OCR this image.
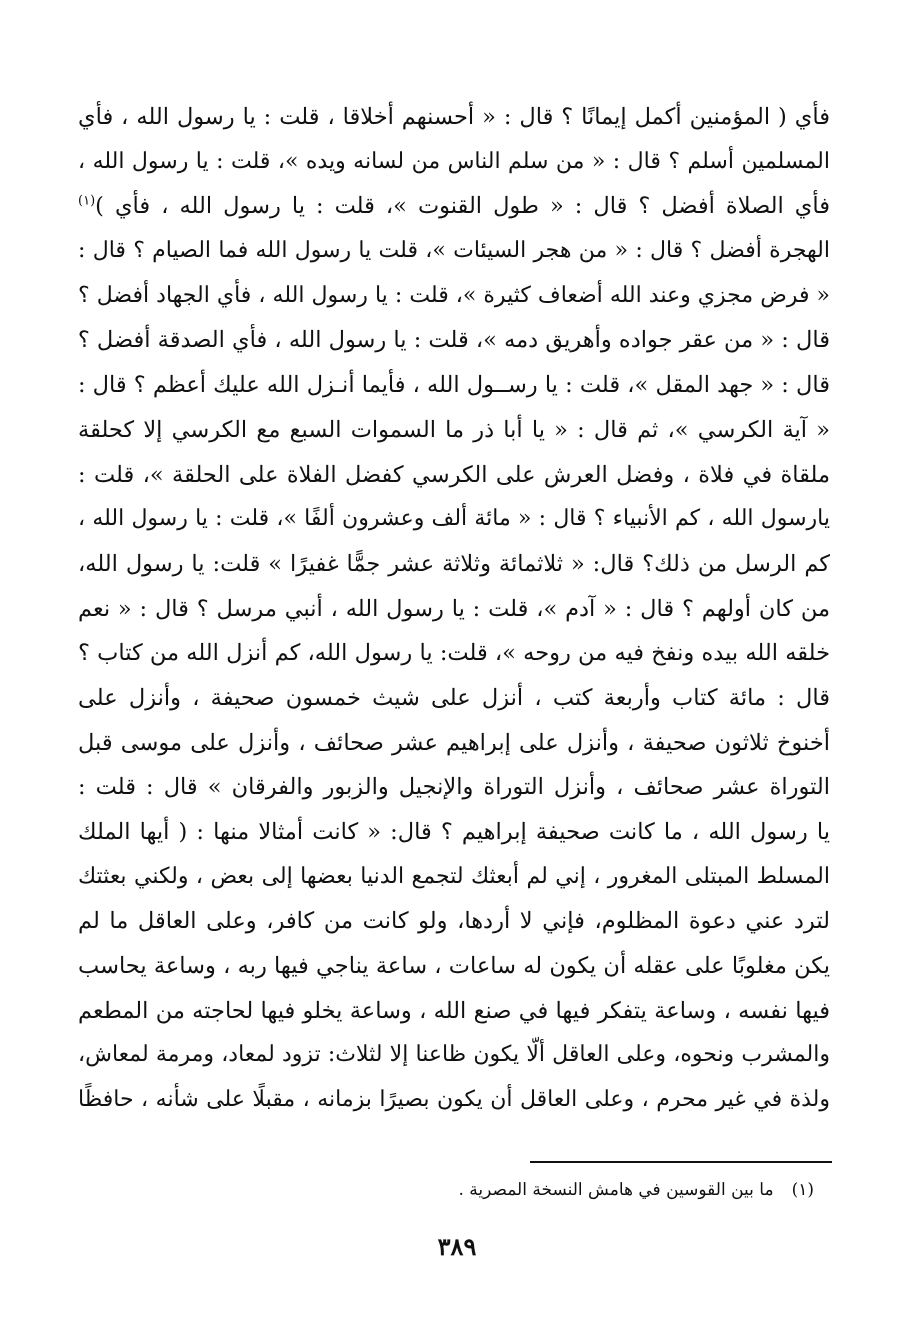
فأي ( المؤمنين أكمل إيمانًا ؟ قال : « أحسنهم أخلاقا ، قلت : يا رسول الله ، فأي
المسلمين أسلم ؟ قال : « من سلم الناس من لسانه ويده »، قلت : يا رسول الله ،
فأي الصلاة أفضل ؟ قال : « طول القنوت »، قلت : يا رسول الله ، فأي )$^{(١)}$
الهجرة أفضل ؟ قال : « من هجر السيئات »، قلت يا رسول الله فما الصيام ؟ قال :
« فرض مجزي وعند الله أضعاف كثيرة »، قلت : يا رسول الله ، فأي الجهاد أفضل ؟
قال : « من عقر جواده وأهريق دمه »، قلت : يا رسول الله ، فأي الصدقة أفضل ؟
قال : « جهد المقل »، قلت : يا رســول الله ، فأيما أنـزل الله عليك أعظم ؟ قال :
« آية الكرسي »، ثم قال : « يا أبا ذر ما السموات السبع مع الكرسي إلا كحلقة
ملقاة في فلاة ، وفضل العرش على الكرسي كفضل الفلاة على الحلقة »، قلت :
يارسول الله ، كم الأنبياء ؟ قال : « مائة ألف وعشرون ألفًا »، قلت : يا رسول الله ،
كم الرسل من ذلك؟ قال: « ثلاثمائة وثلاثة عشر جمًّا غفيرًا » قلت: يا رسول الله،
من كان أولهم ؟ قال : « آدم »، قلت : يا رسول الله ، أنبي مرسل ؟ قال : « نعم
خلقه الله بيده ونفخ فيه من روحه »، قلت: يا رسول الله، كم أنزل الله من كتاب ؟
قال : مائة كتاب وأربعة كتب ، أنزل على شيث خمسون صحيفة ، وأنزل على
أخنوخ ثلاثون صحيفة ، وأنزل على إبراهيم عشر صحائف ، وأنزل على موسى قبل
التوراة عشر صحائف ، وأنزل التوراة والإنجيل والزبور والفرقان » قال : قلت :
يا رسول الله ، ما كانت صحيفة إبراهيم ؟ قال: « كانت أمثالا منها : ( أيها الملك
المسلط المبتلى المغرور ، إني لم أبعثك لتجمع الدنيا بعضها إلى بعض ، ولكني بعثتك
لترد عني دعوة المظلوم، فإني لا أردها، ولو كانت من كافر، وعلى العاقل ما لم
يكن مغلوبًا على عقله أن يكون له ساعات ، ساعة يناجي فيها ربه ، وساعة يحاسب
فيها نفسه ، وساعة يتفكر فيها في صنع الله ، وساعة يخلو فيها لحاجته من المطعم
والمشرب ونحوه، وعلى العاقل ألّا يكون ظاعنا إلا لثلاث: تزود لمعاد، ومرمة لمعاش،
ولذة في غير محرم ، وعلى العاقل أن يكون بصيرًا بزمانه ، مقبلًا على شأنه ، حافظًا
(١)ما بين القوسين في هامش النسخة المصرية .
٣٨٩
